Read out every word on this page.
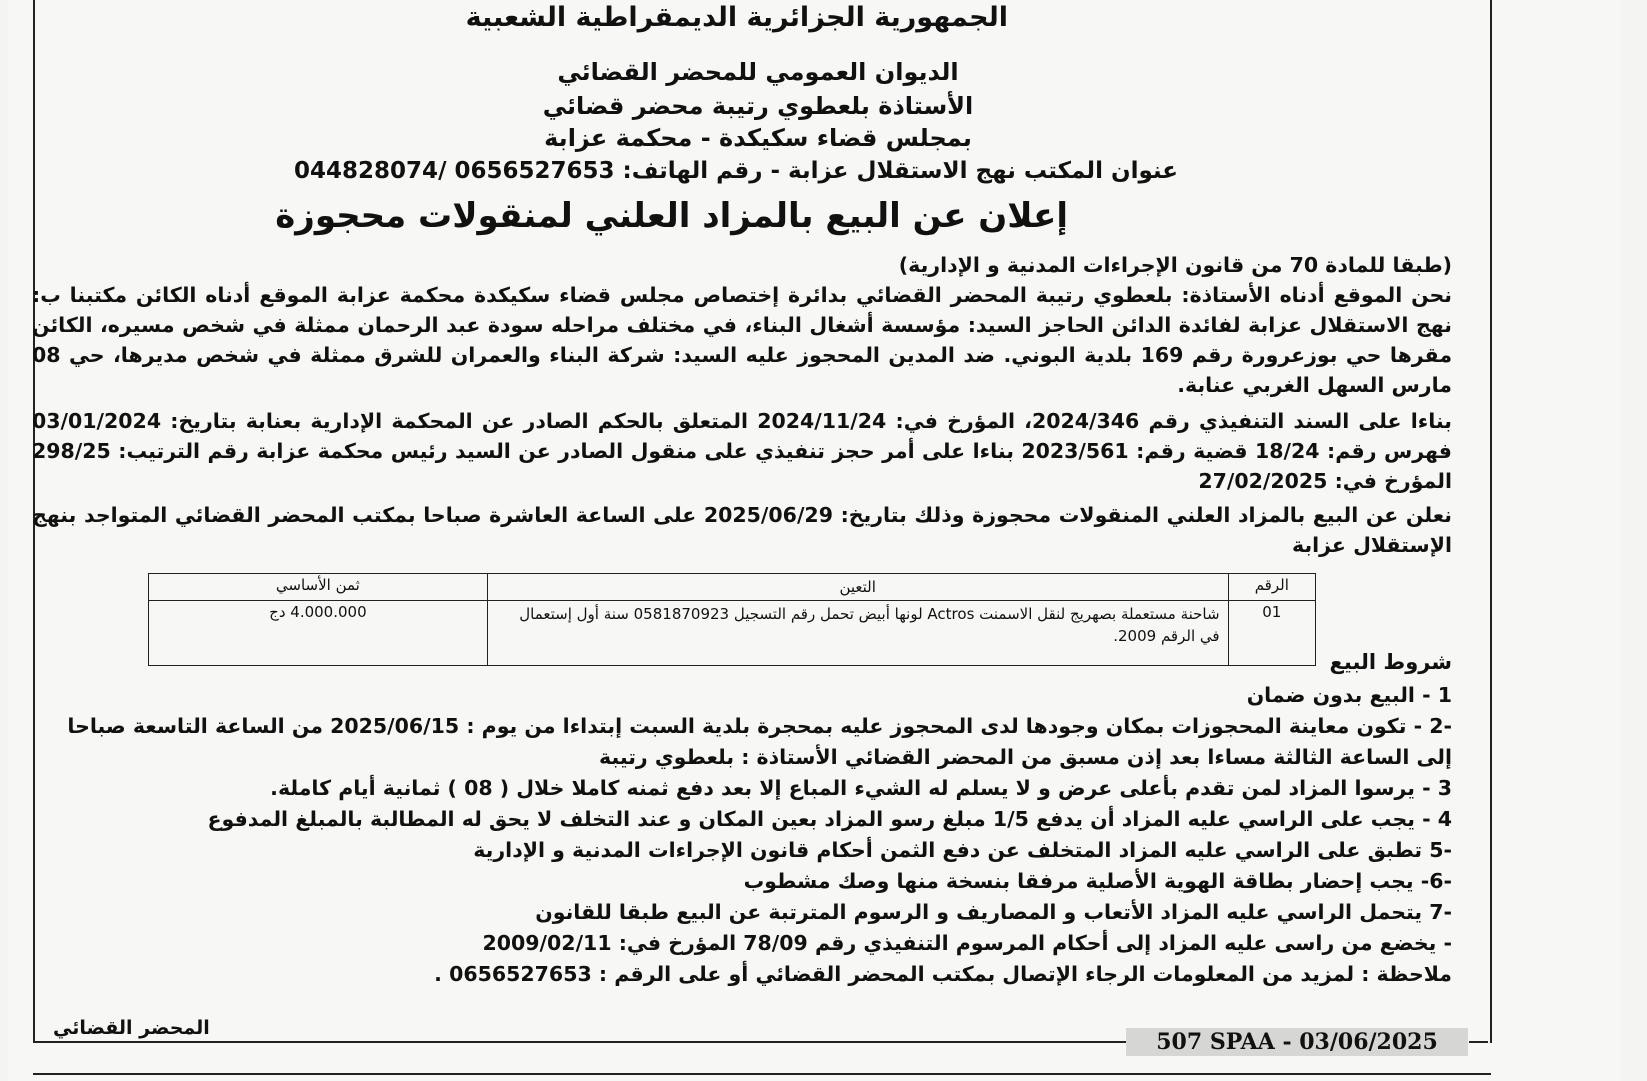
الجمهورية الجزائرية الديمقراطية الشعبية
الديوان العمومي للمحضر القضائي
الأستاذة بلعطوي رتيبة محضر قضائي
بمجلس قضاء سكيكدة - محكمة عزابة
عنوان المكتب نهج الاستقلال عزابة - رقم الهاتف: 0656527653 /044828074
إعلان عن البيع بالمزاد العلني لمنقولات محجوزة
(طبقا للمادة 70 من قانون الإجراءات المدنية و الإدارية)
نحن الموقع أدناه الأستاذة: بلعطوي رتيبة المحضر القضائي بدائرة إختصاص مجلس قضاء سكيكدة محكمة عزابة الموقع أدناه الكائن مكتبنا ب: نهج الاستقلال عزابة لفائدة الدائن الحاجز السيد: مؤسسة أشغال البناء، في مختلف مراحله سودة عبد الرحمان ممثلة في شخص مسيره، الكائن مقرها حي بوزعرورة رقم 169 بلدية البوني. ضد المدين المحجوز عليه السيد: شركة البناء والعمران للشرق ممثلة في شخص مديرها، حي 08 مارس السهل الغربي عنابة.
بناءا على السند التنفيذي رقم 2024/346، المؤرخ في: 2024/11/24 المتعلق بالحكم الصادر عن المحكمة الإدارية بعنابة بتاريخ: 03/01/2024 فهرس رقم: 18/24 قضية رقم: 2023/561 بناءا على أمر حجز تنفيذي على منقول الصادر عن السيد رئيس محكمة عزابة رقم الترتيب: 298/25 المؤرخ في: 27/02/2025
نعلن عن البيع بالمزاد العلني المنقولات محجوزة وذلك بتاريخ: 2025/06/29 على الساعة العاشرة صباحا بمكتب المحضر القضائي المتواجد بنهج الإستقلال عزابة
الرقم	التعين	ثمن الأساسي
01	شاحنة مستعملة بصهريج لنقل الاسمنت Actros لونها أبيض تحمل رقم التسجيل 0581870923 سنة أول إستعمال في الرقم 2009.	4.000.000 دج
شروط البيع
1 - البيع بدون ضمان
-2 - تكون معاينة المحجوزات بمكان وجودها لدى المحجوز عليه بمحجرة بلدية السبت إبتداءا من يوم : 2025/06/15 من الساعة التاسعة صباحا إلى الساعة الثالثة مساءا بعد إذن مسبق من المحضر القضائي الأستاذة : بلعطوي رتيبة
3 - يرسوا المزاد لمن تقدم بأعلى عرض و لا يسلم له الشيء المباع إلا بعد دفع ثمنه كاملا خلال ( 08 ) ثمانية أيام كاملة.
4 - يجب على الراسي عليه المزاد أن يدفع 1/5 مبلغ رسو المزاد بعين المكان و عند التخلف لا يحق له المطالبة بالمبلغ المدفوع
-5 تطبق على الراسي عليه المزاد المتخلف عن دفع الثمن أحكام قانون الإجراءات المدنية و الإدارية
-6- يجب إحضار بطاقة الهوية الأصلية مرفقا بنسخة منها وصك مشطوب
-7 يتحمل الراسي عليه المزاد الأتعاب و المصاريف و الرسوم المترتبة عن البيع طبقا للقانون
- يخضع من راسى عليه المزاد إلى أحكام المرسوم التنفيذي رقم 78/09 المؤرخ في: 2009/02/11
ملاحظة : لمزيد من المعلومات الرجاء الإتصال بمكتب المحضر القضائي أو على الرقم : 0656527653 .
المحضر القضائي
507 SPAA - 03/06/2025
